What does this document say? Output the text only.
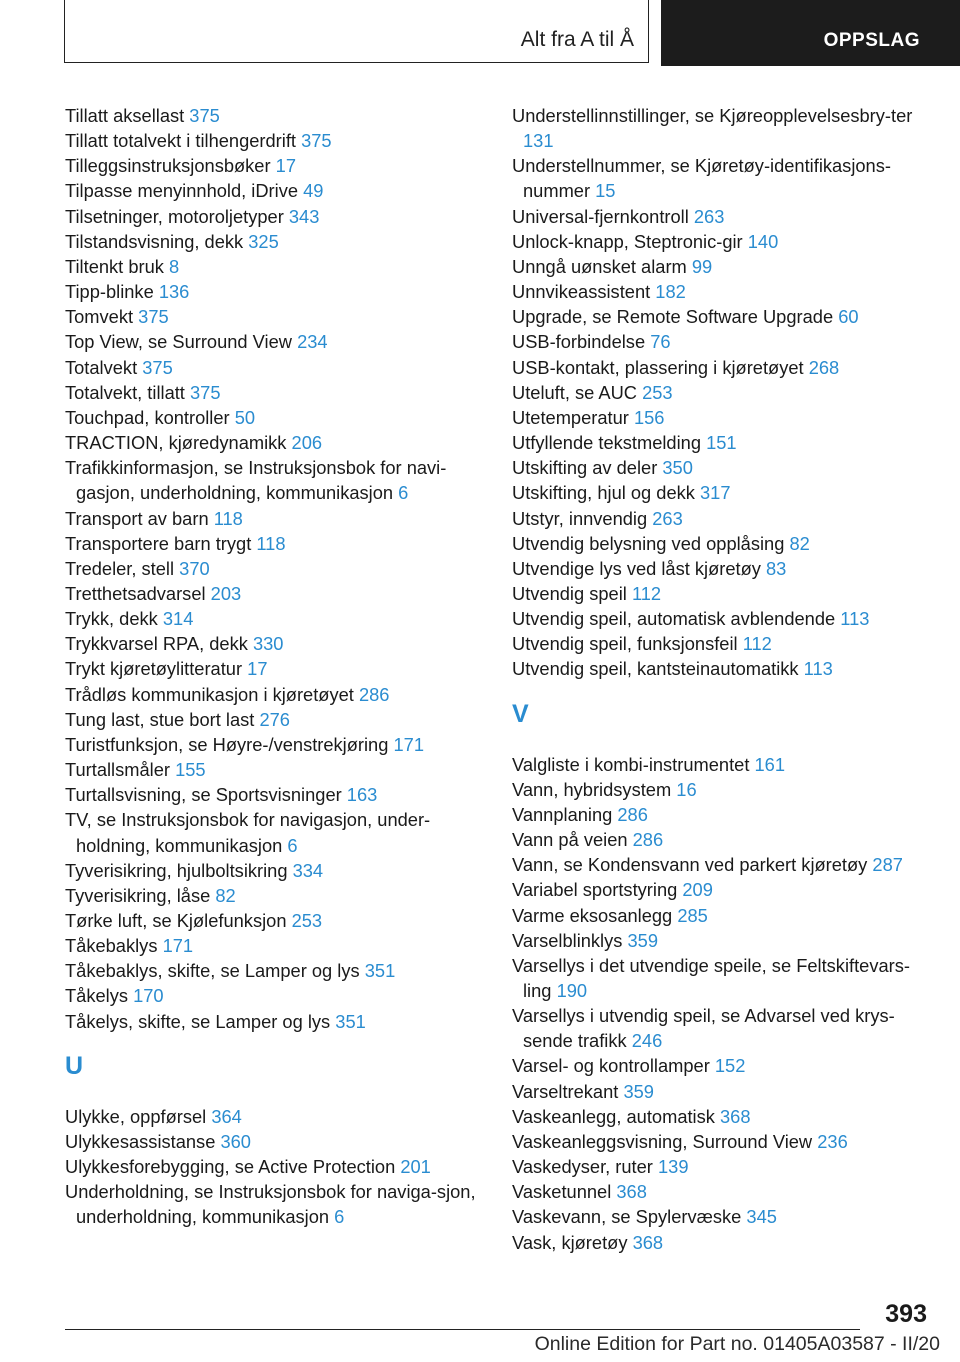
Alt fra A til Å	OPPSLAG
Tillatt aksellast 375
Tillatt totalvekt i tilhengerdrift 375
Tilleggsinstruksjonsbøker 17
Tilpasse menyinnhold, iDrive 49
Tilsetninger, motoroljetyper 343
Tilstandsvisning, dekk 325
Tiltenkt bruk 8
Tipp-blinke 136
Tomvekt 375
Top View, se Surround View 234
Totalvekt 375
Totalvekt, tillatt 375
Touchpad, kontroller 50
TRACTION, kjøredynamikk 206
Trafikkinformasjon, se Instruksjonsbok for navi‐gasjon, underholdning, kommunikasjon 6
Transport av barn 118
Transportere barn trygt 118
Tredeler, stell 370
Tretthetsadvarsel 203
Trykk, dekk 314
Trykkvarsel RPA, dekk 330
Trykt kjøretøylitteratur 17
Trådløs kommunikasjon i kjøretøyet 286
Tung last, stue bort last 276
Turistfunksjon, se Høyre-/venstrekjøring 171
Turtallsmåler 155
Turtallsvisning, se Sportsvisninger 163
TV, se Instruksjonsbok for navigasjon, under‐holdning, kommunikasjon 6
Tyverisikring, hjulboltsikring 334
Tyverisikring, låse 82
Tørke luft, se Kjølefunksjon 253
Tåkebaklys 171
Tåkebaklys, skifte, se Lamper og lys 351
Tåkelys 170
Tåkelys, skifte, se Lamper og lys 351
U
Ulykke, oppførsel 364
Ulykkesassistanse 360
Ulykkesforebygging, se Active Protection 201
Underholdning, se Instruksjonsbok for naviga‐sjon, underholdning, kommunikasjon 6
Understellinnstillinger, se Kjøreopplevelsesbry‐ter 131
Understellnummer, se Kjøretøy-identifikasjons‐nummer 15
Universal-fjernkontroll 263
Unlock-knapp, Steptronic-gir 140
Unngå uønsket alarm 99
Unnvikeassistent 182
Upgrade, se Remote Software Upgrade 60
USB-forbindelse 76
USB-kontakt, plassering i kjøretøyet 268
Uteluft, se AUC 253
Utetemperatur 156
Utfyllende tekstmelding 151
Utskifting av deler 350
Utskifting, hjul og dekk 317
Utstyr, innvendig 263
Utvendig belysning ved opplåsing 82
Utvendige lys ved låst kjøretøy 83
Utvendig speil 112
Utvendig speil, automatisk avblendende 113
Utvendig speil, funksjonsfeil 112
Utvendig speil, kantsteinautomatikk 113
V
Valgliste i kombi-instrumentet 161
Vann, hybridsystem 16
Vannplaning 286
Vann på veien 286
Vann, se Kondensvann ved parkert kjøretøy 287
Variabel sportstyring 209
Varme eksosanlegg 285
Varselblinklys 359
Varsellys i det utvendige speile, se Feltskiftevars‐ling 190
Varsellys i utvendig speil, se Advarsel ved krys‐sende trafikk 246
Varsel- og kontrollamper 152
Varseltrekant 359
Vaskeanlegg, automatisk 368
Vaskeanleggsvisning, Surround View 236
Vaskedyser, ruter 139
Vasketunnel 368
Vaskevann, se Spylervæske 345
Vask, kjøretøy 368
393
Online Edition for Part no. 01405A03587 - II/20
